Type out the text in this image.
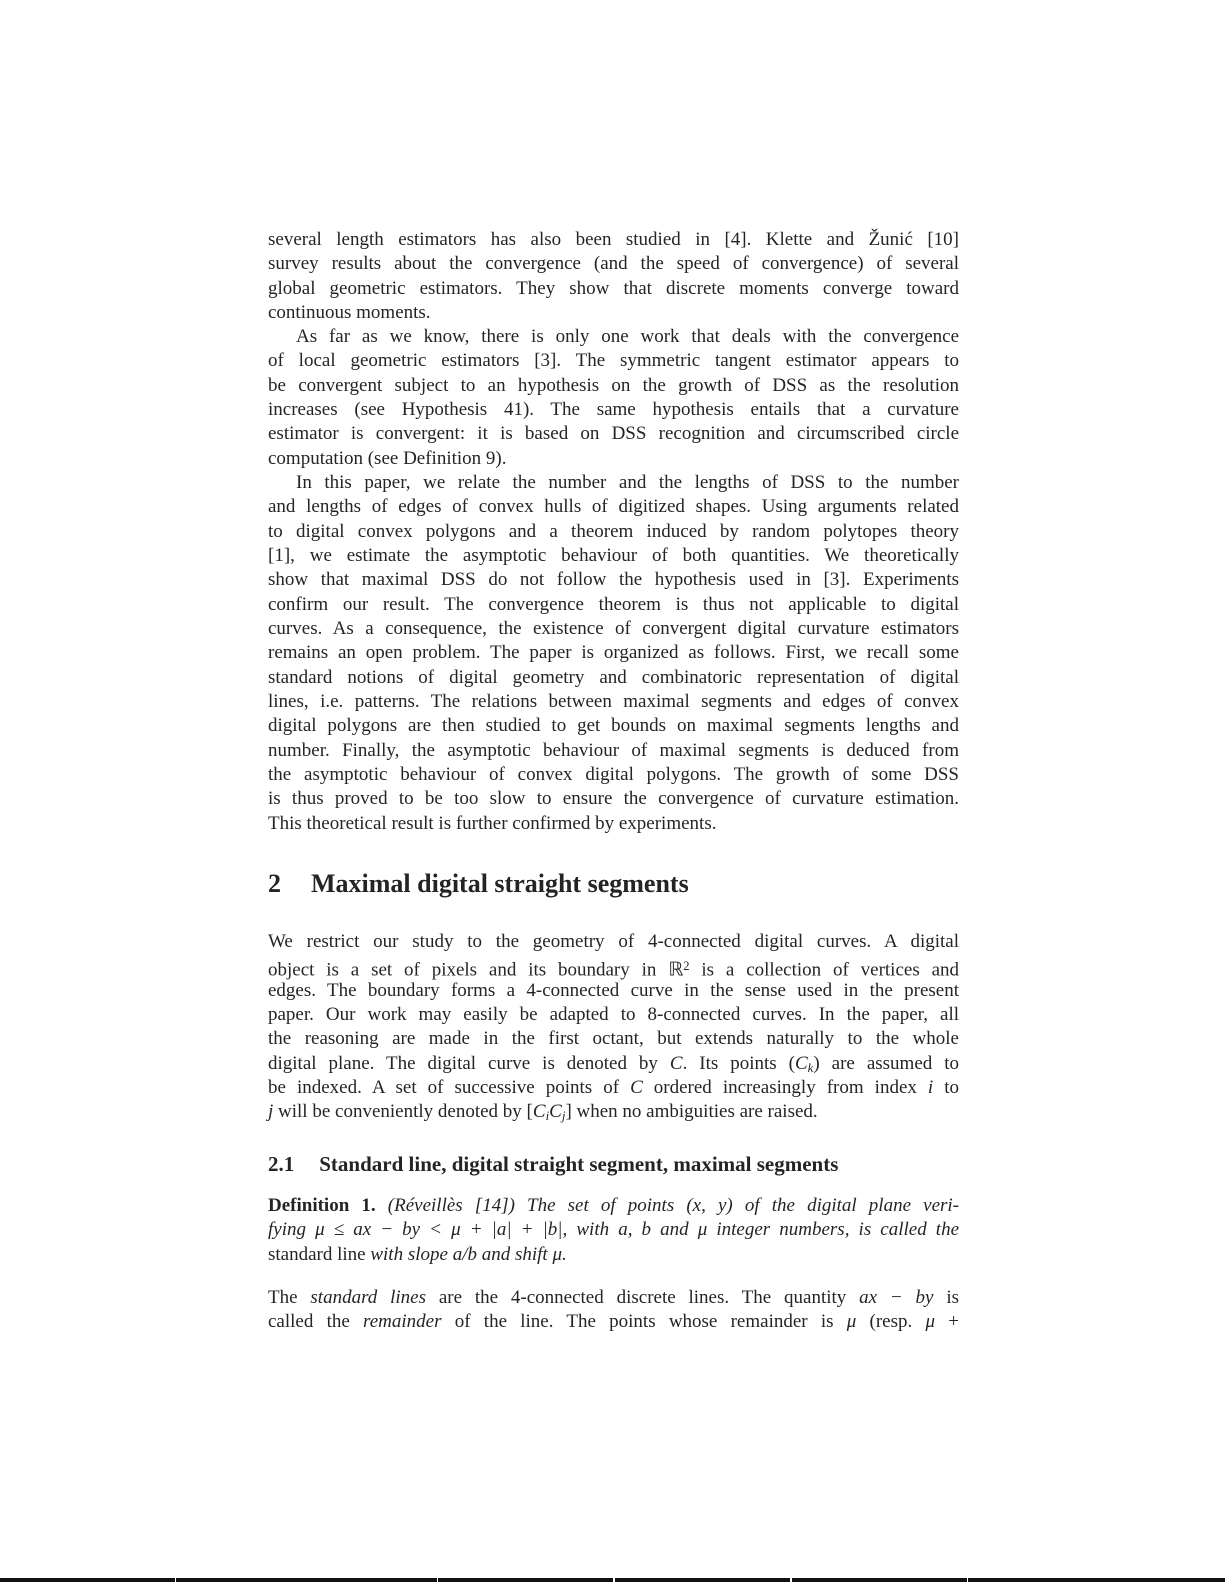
several length estimators has also been studied in [4]. Klette and Žunić [10]
survey results about the convergence (and the speed of convergence) of several
global geometric estimators. They show that discrete moments converge toward
continuous moments.
As far as we know, there is only one work that deals with the convergence
of local geometric estimators [3]. The symmetric tangent estimator appears to
be convergent subject to an hypothesis on the growth of DSS as the resolution
increases (see Hypothesis 41). The same hypothesis entails that a curvature
estimator is convergent: it is based on DSS recognition and circumscribed circle
computation (see Definition 9).
In this paper, we relate the number and the lengths of DSS to the number
and lengths of edges of convex hulls of digitized shapes. Using arguments related
to digital convex polygons and a theorem induced by random polytopes theory
[1], we estimate the asymptotic behaviour of both quantities. We theoretically
show that maximal DSS do not follow the hypothesis used in [3]. Experiments
confirm our result. The convergence theorem is thus not applicable to digital
curves. As a consequence, the existence of convergent digital curvature estimators
remains an open problem. The paper is organized as follows. First, we recall some
standard notions of digital geometry and combinatoric representation of digital
lines, i.e. patterns. The relations between maximal segments and edges of convex
digital polygons are then studied to get bounds on maximal segments lengths and
number. Finally, the asymptotic behaviour of maximal segments is deduced from
the asymptotic behaviour of convex digital polygons. The growth of some DSS
is thus proved to be too slow to ensure the convergence of curvature estimation.
This theoretical result is further confirmed by experiments.
2 Maximal digital straight segments
We restrict our study to the geometry of 4-connected digital curves. A digital
object is a set of pixels and its boundary in ℝ$^2$ is a collection of vertices and
edges. The boundary forms a 4-connected curve in the sense used in the present
paper. Our work may easily be adapted to 8-connected curves. In the paper, all
the reasoning are made in the first octant, but extends naturally to the whole
digital plane. The digital curve is denoted by C. Its points (Ck) are assumed to
be indexed. A set of successive points of C ordered increasingly from index i to
j will be conveniently denoted by [CiCj] when no ambiguities are raised.
2.1 Standard line, digital straight segment, maximal segments
Definition 1. (Réveillès [14]) The set of points (x, y) of the digital plane veri-
fying μ ≤ ax − by < μ + |a| + |b|, with a, b and μ integer numbers, is called the
standard line with slope a/b and shift μ.
The standard lines are the 4-connected discrete lines. The quantity ax − by is
called the remainder of the line. The points whose remainder is μ (resp. μ +
